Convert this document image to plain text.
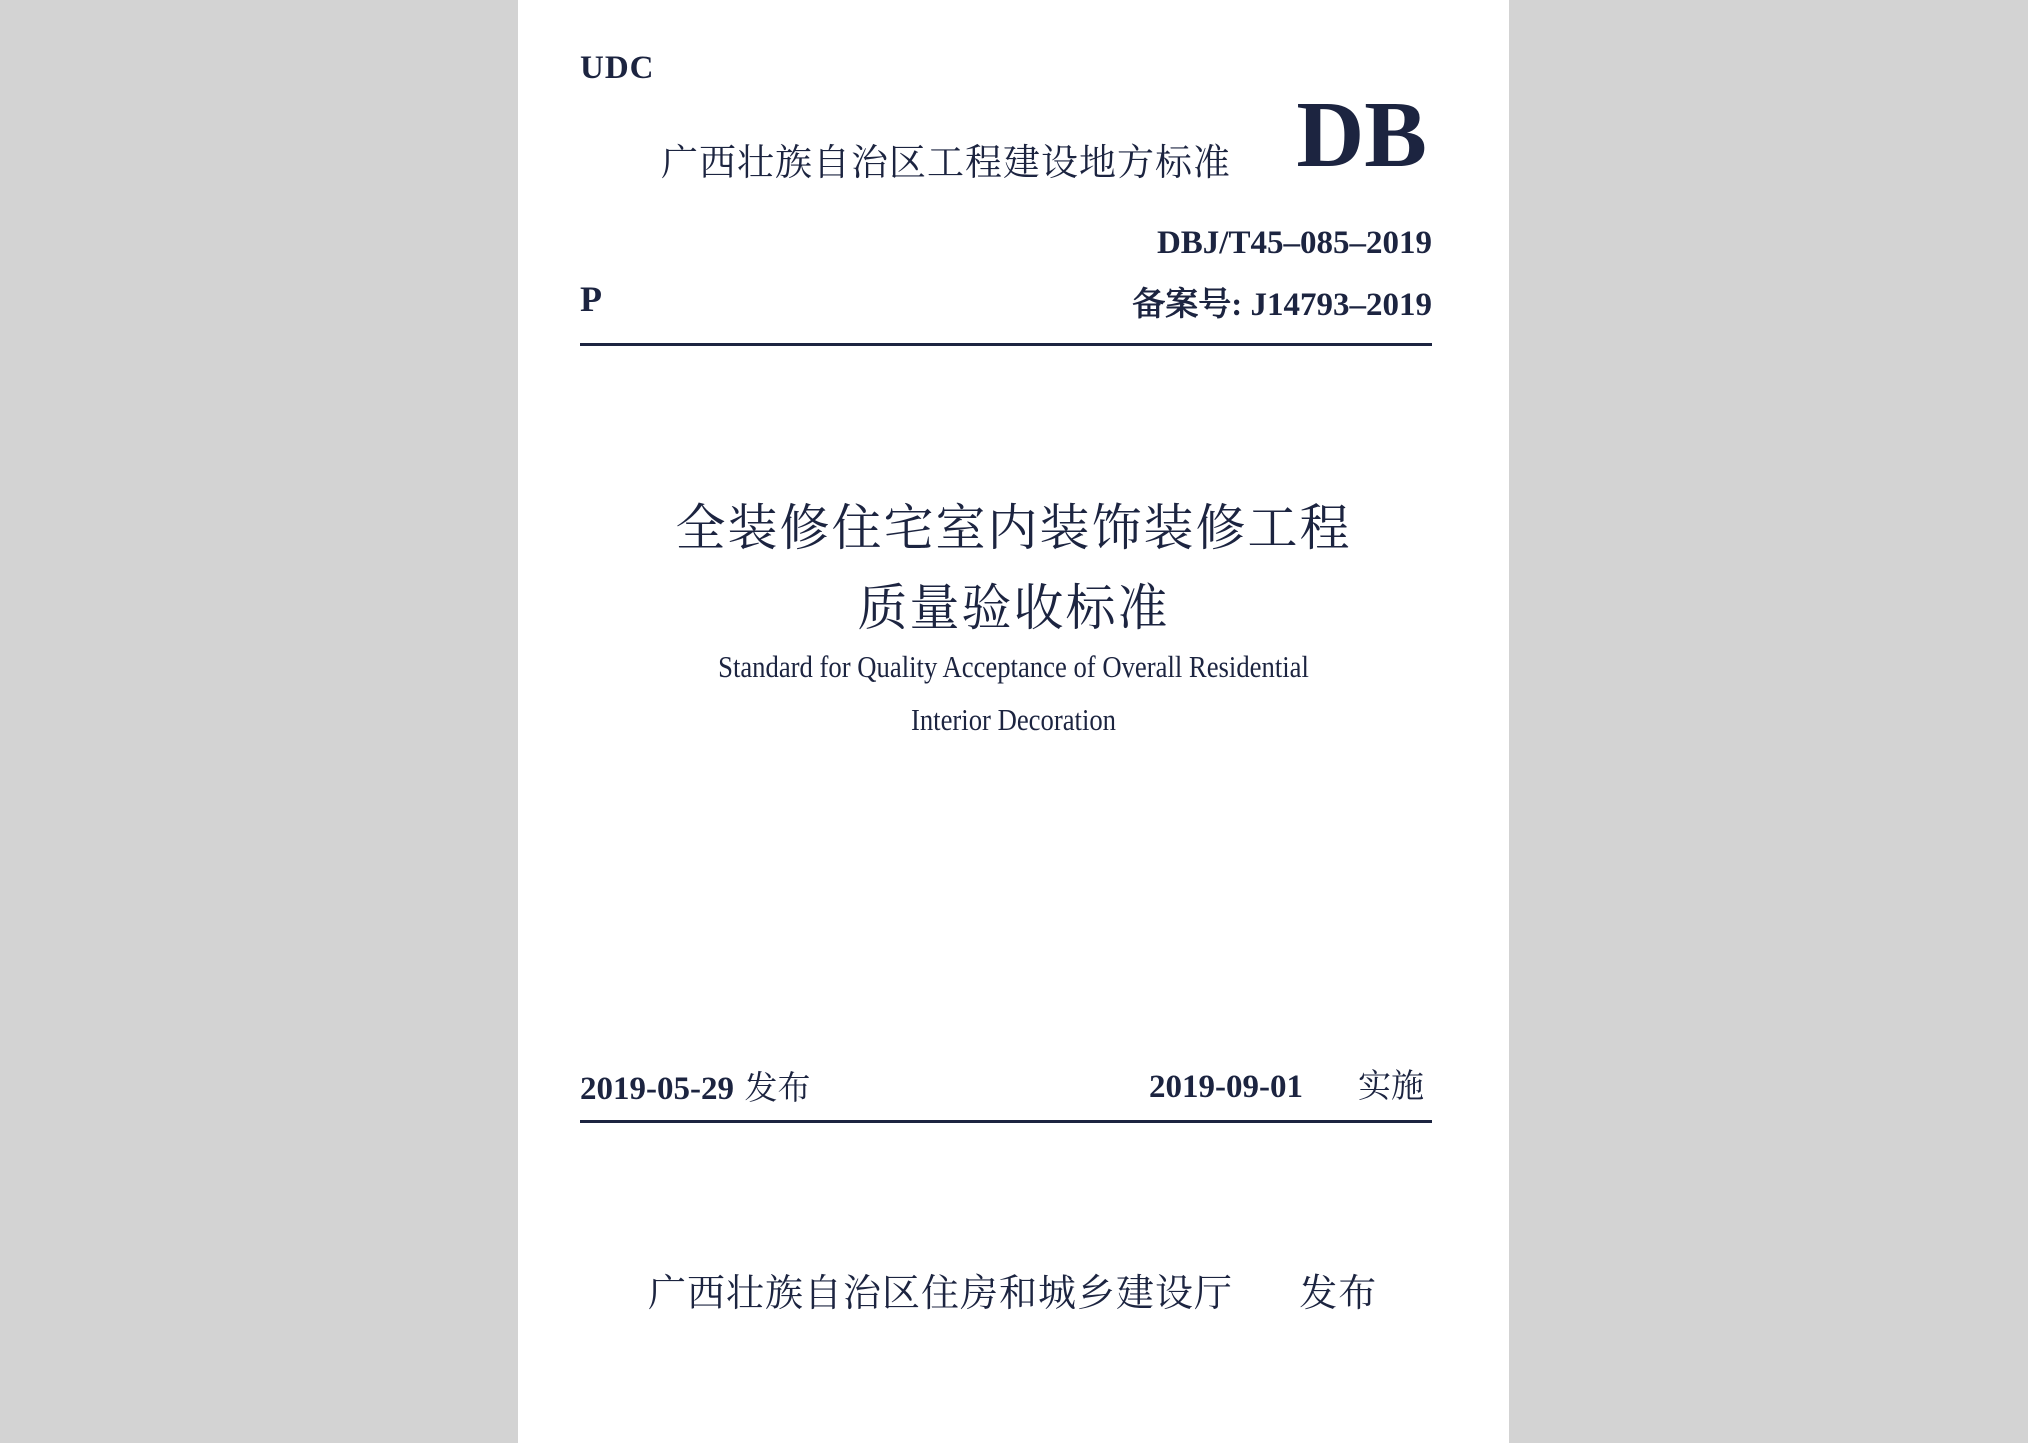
UDC
广西壮族自治区工程建设地方标准 DB
DBJ/T45–085–2019
P	备案号: J14793–2019
全装修住宅室内装饰装修工程
质量验收标准
Standard for Quality Acceptance of Overall Residential
Interior Decoration
2019-05-29 发布	2019-09-01 实施
广西壮族自治区住房和城乡建设厅 发布
